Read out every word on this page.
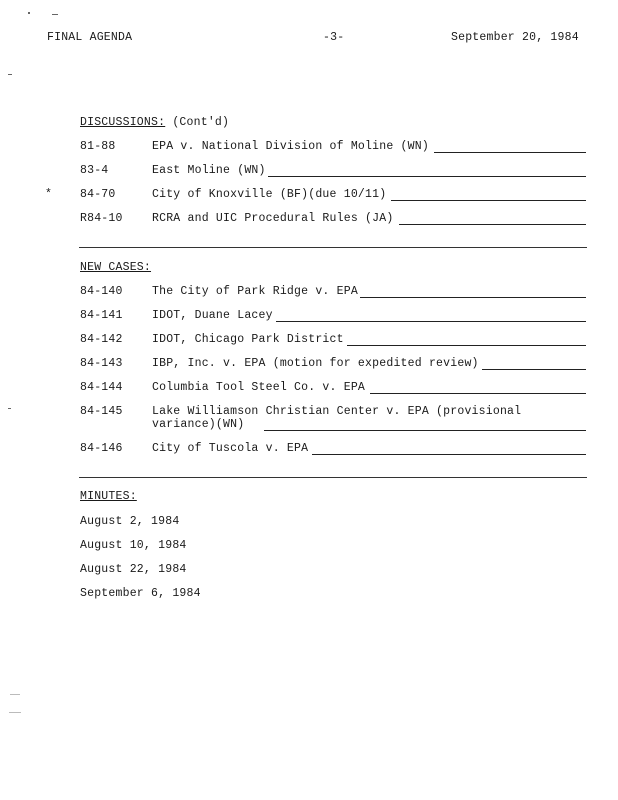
FINAL AGENDA	-3-	September 20, 1984
DISCUSSIONS: (Cont'd)
*
81-88	EPA v. National Division of Moline (WN)
83-4	East Moline (WN)
84-70	City of Knoxville (BF)(due 10/11)
R84-10	RCRA and UIC Procedural Rules (JA)
NEW CASES:
84-140	The City of Park Ridge v. EPA
84-141	IDOT, Duane Lacey
84-142	IDOT, Chicago Park District
84-143	IBP, Inc. v. EPA (motion for expedited review)
84-144	Columbia Tool Steel Co. v. EPA
84-145	Lake Williamson Christian Center v. EPA (provisional
variance)(WN)
84-146	City of Tuscola v. EPA
MINUTES:
August 2, 1984
August 10, 1984
August 22, 1984
September 6, 1984
